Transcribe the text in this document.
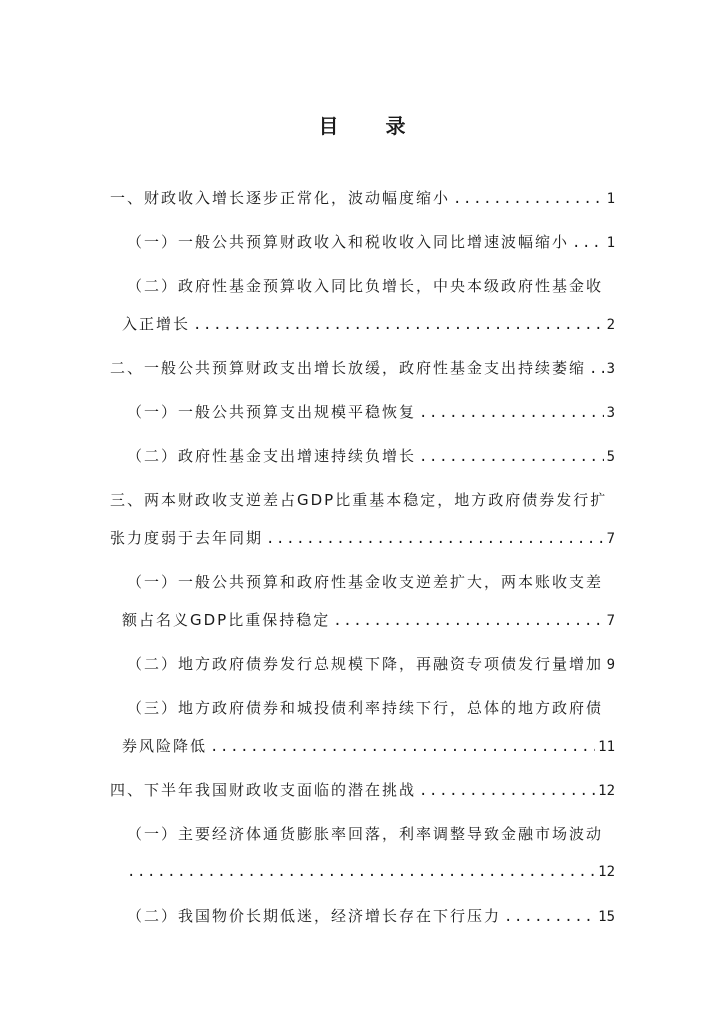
目 录
一、财政收入增长逐步正常化，波动幅度缩小 .....	1
（一）一般公共预算财政收入和税收收入同比增速波幅缩小 .....	1
（二）政府性基金预算收入同比负增长，中央本级政府性基金收
入正增长 .....	2
二、一般公共预算财政支出增长放缓，政府性基金支出持续萎缩 ..... 3
（一）一般公共预算支出规模平稳恢复 .....	3
（二）政府性基金支出增速持续负增长 .....	5
三、两本财政收支逆差占GDP比重基本稳定，地方政府债券发行扩
张力度弱于去年同期 .....	7
（一）一般公共预算和政府性基金收支逆差扩大，两本账收支差
额占名义GDP比重保持稳定 .....	7
（二）地方政府债券发行总规模下降，再融资专项债发行量增加 ..... 9
（三）地方政府债券和城投债利率持续下行，总体的地方政府债
券风险降低 .....	11
四、下半年我国财政收支面临的潜在挑战 .....	12
（一）主要经济体通货膨胀率回落，利率调整导致金融市场波动
.....
12
（二）我国物价长期低迷，经济增长存在下行压力 .....	15
